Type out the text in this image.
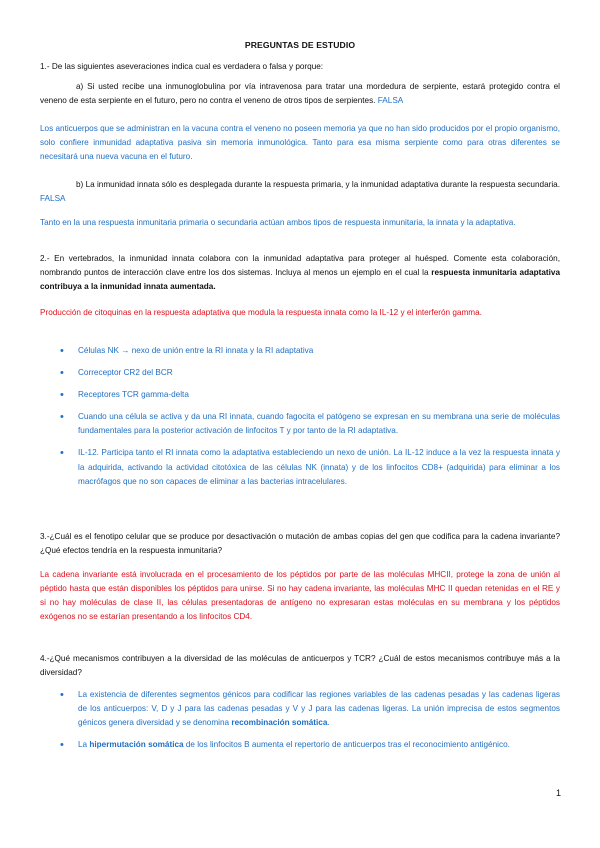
PREGUNTAS DE ESTUDIO
1.- De las siguientes aseveraciones indica cual es verdadera o falsa y porque:
a) Si usted recibe una inmunoglobulina por vía intravenosa para tratar una mordedura de serpiente, estará protegido contra el veneno de esta serpiente en el futuro, pero no contra el veneno de otros tipos de serpientes. FALSA
Los anticuerpos que se administran en la vacuna contra el veneno no poseen memoria ya que no han sido producidos por el propio organismo, solo confiere inmunidad adaptativa pasiva sin memoria inmunológica. Tanto para esa misma serpiente como para otras diferentes se necesitará una nueva vacuna en el futuro.
b) La inmunidad innata sólo es desplegada durante la respuesta primaria, y la inmunidad adaptativa durante la respuesta secundaria. FALSA
Tanto en la una respuesta inmunitaria primaria o secundaria actúan ambos tipos de respuesta inmunitaria, la innata y la adaptativa.
2.- En vertebrados, la inmunidad innata colabora con la inmunidad adaptativa para proteger al huésped. Comente esta colaboración, nombrando puntos de interacción clave entre los dos sistemas. Incluya al menos un ejemplo en el cual la respuesta inmunitaria adaptativa contribuya a la inmunidad innata aumentada.
Producción de citoquinas en la respuesta adaptativa que modula la respuesta innata como la IL-12 y el interferón gamma.
• Células NK → nexo de unión entre la RI innata y la RI adaptativa
• Correceptor CR2 del BCR
• Receptores TCR gamma-delta
• Cuando una célula se activa y da una RI innata, cuando fagocita el patógeno se expresan en su membrana una serie de moléculas fundamentales para la posterior activación de linfocitos T y por tanto de la RI adaptativa.
• IL-12. Participa tanto el RI innata como la adaptativa estableciendo un nexo de unión. La IL-12 induce a la vez la respuesta innata y la adquirida, activando la actividad citotóxica de las células NK (innata) y de los linfocitos CD8+ (adquirida) para eliminar a los macrófagos que no son capaces de eliminar a las bacterias intracelulares.
3.-¿Cuál es el fenotipo celular que se produce por desactivación o mutación de ambas copias del gen que codifica para la cadena invariante? ¿Qué efectos tendría en la respuesta inmunitaria?
La cadena invariante está involucrada en el procesamiento de los péptidos por parte de las moléculas MHCII, protege la zona de unión al péptido hasta que están disponibles los péptidos para unirse. Si no hay cadena invariante, las moléculas MHC II quedan retenidas en el RE y si no hay moléculas de clase II, las células presentadoras de antígeno no expresaran estas moléculas en su membrana y los péptidos exógenos no se estarían presentando a los linfocitos CD4.
4.-¿Qué mecanismos contribuyen a la diversidad de las moléculas de anticuerpos y TCR? ¿Cuál de estos mecanismos contribuye más a la diversidad?
• La existencia de diferentes segmentos génicos para codificar las regiones variables de las cadenas pesadas y las cadenas ligeras de los anticuerpos: V, D y J para las cadenas pesadas y V y J para las cadenas ligeras. La unión imprecisa de estos segmentos génicos genera diversidad y se denomina recombinación somática.
• La hipermutación somática de los linfocitos B aumenta el repertorio de anticuerpos tras el reconocimiento antigénico.
1
